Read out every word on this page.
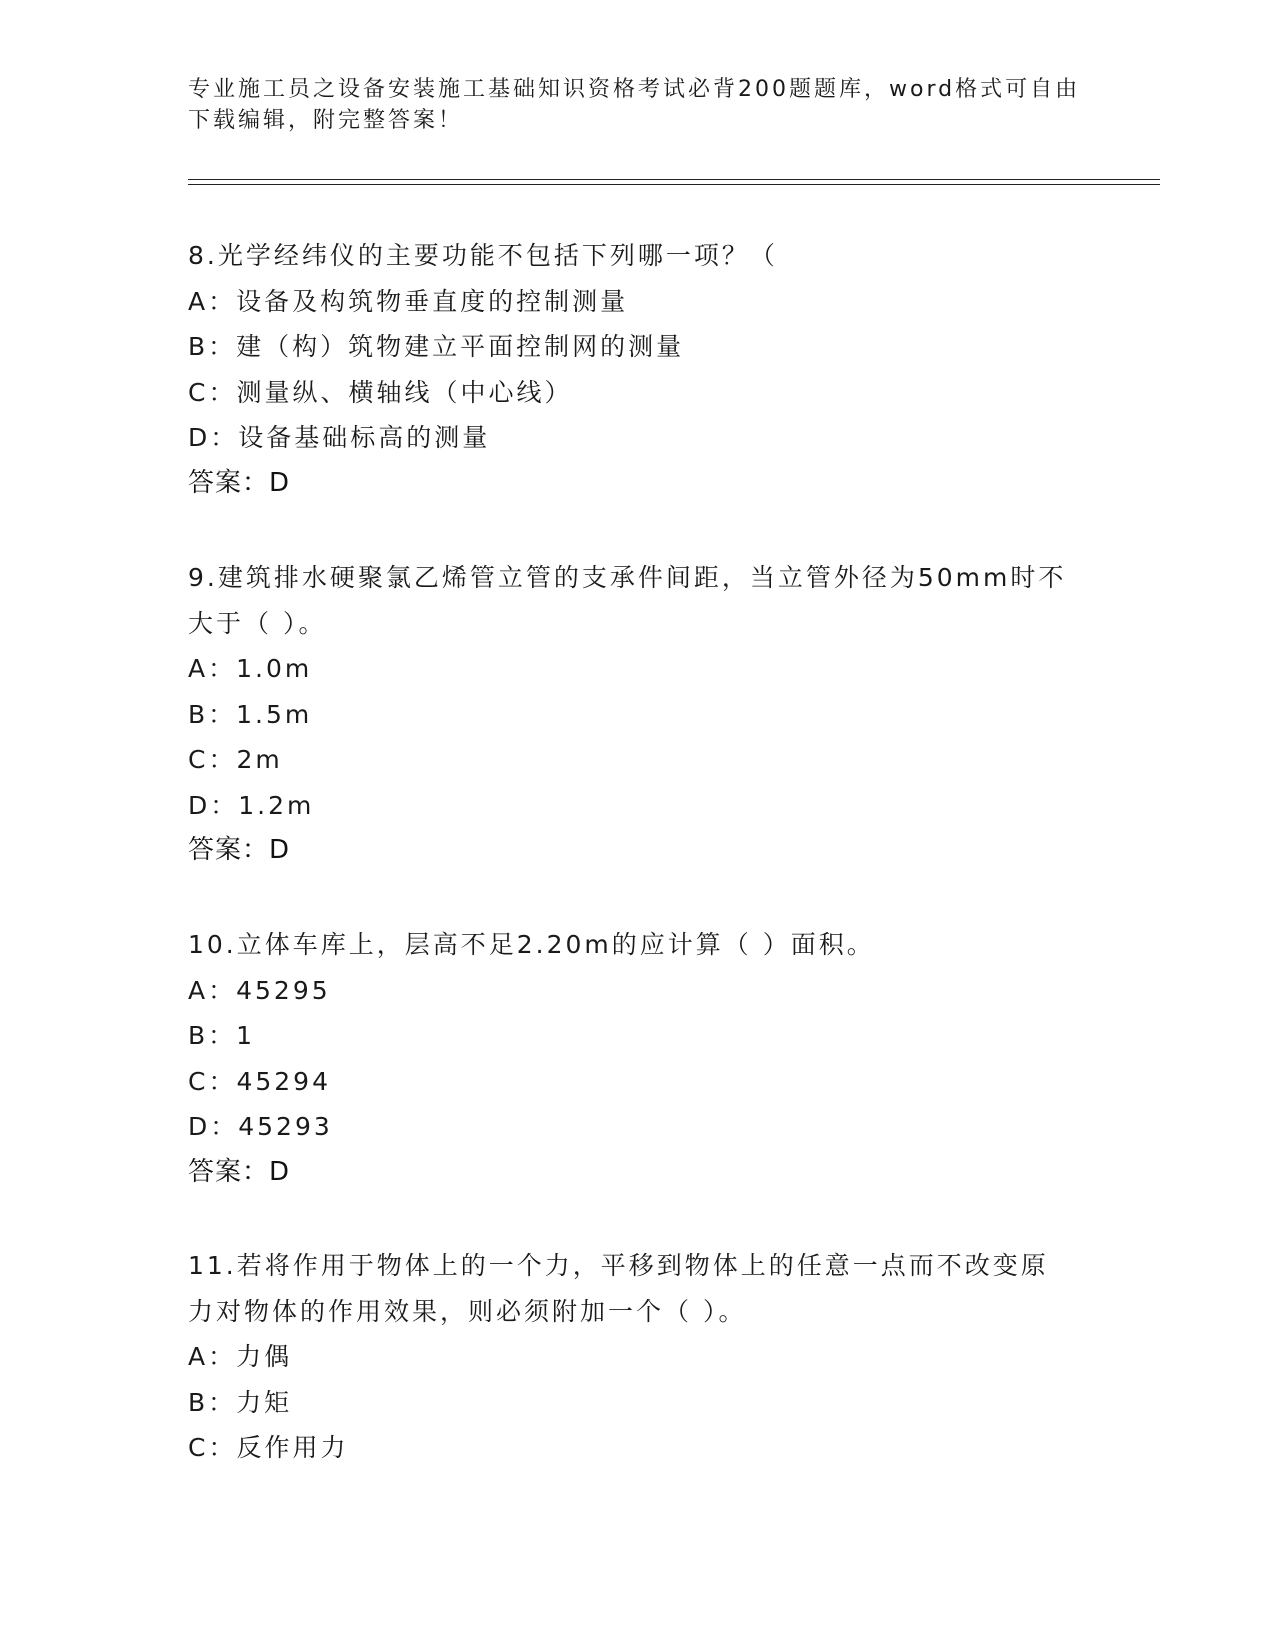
专业施工员之设备安装施工基础知识资格考试必背200题题库，word格式可自由
下载编辑，附完整答案！
8.光学经纬仪的主要功能不包括下列哪一项？（
A：设备及构筑物垂直度的控制测量
B：建（构）筑物建立平面控制网的测量
C：测量纵、横轴线（中心线）
D：设备基础标高的测量
答案：D
9.建筑排水硬聚氯乙烯管立管的支承件间距，当立管外径为50mm时不
大于（ ）。
A：1.0m
B：1.5m
C：2m
D：1.2m
答案：D
10.立体车库上，层高不足2.20m的应计算（ ）面积。
A：45295
B：1
C：45294
D：45293
答案：D
11.若将作用于物体上的一个力，平移到物体上的任意一点而不改变原
力对物体的作用效果，则必须附加一个（ ）。
A：力偶
B：力矩
C：反作用力
